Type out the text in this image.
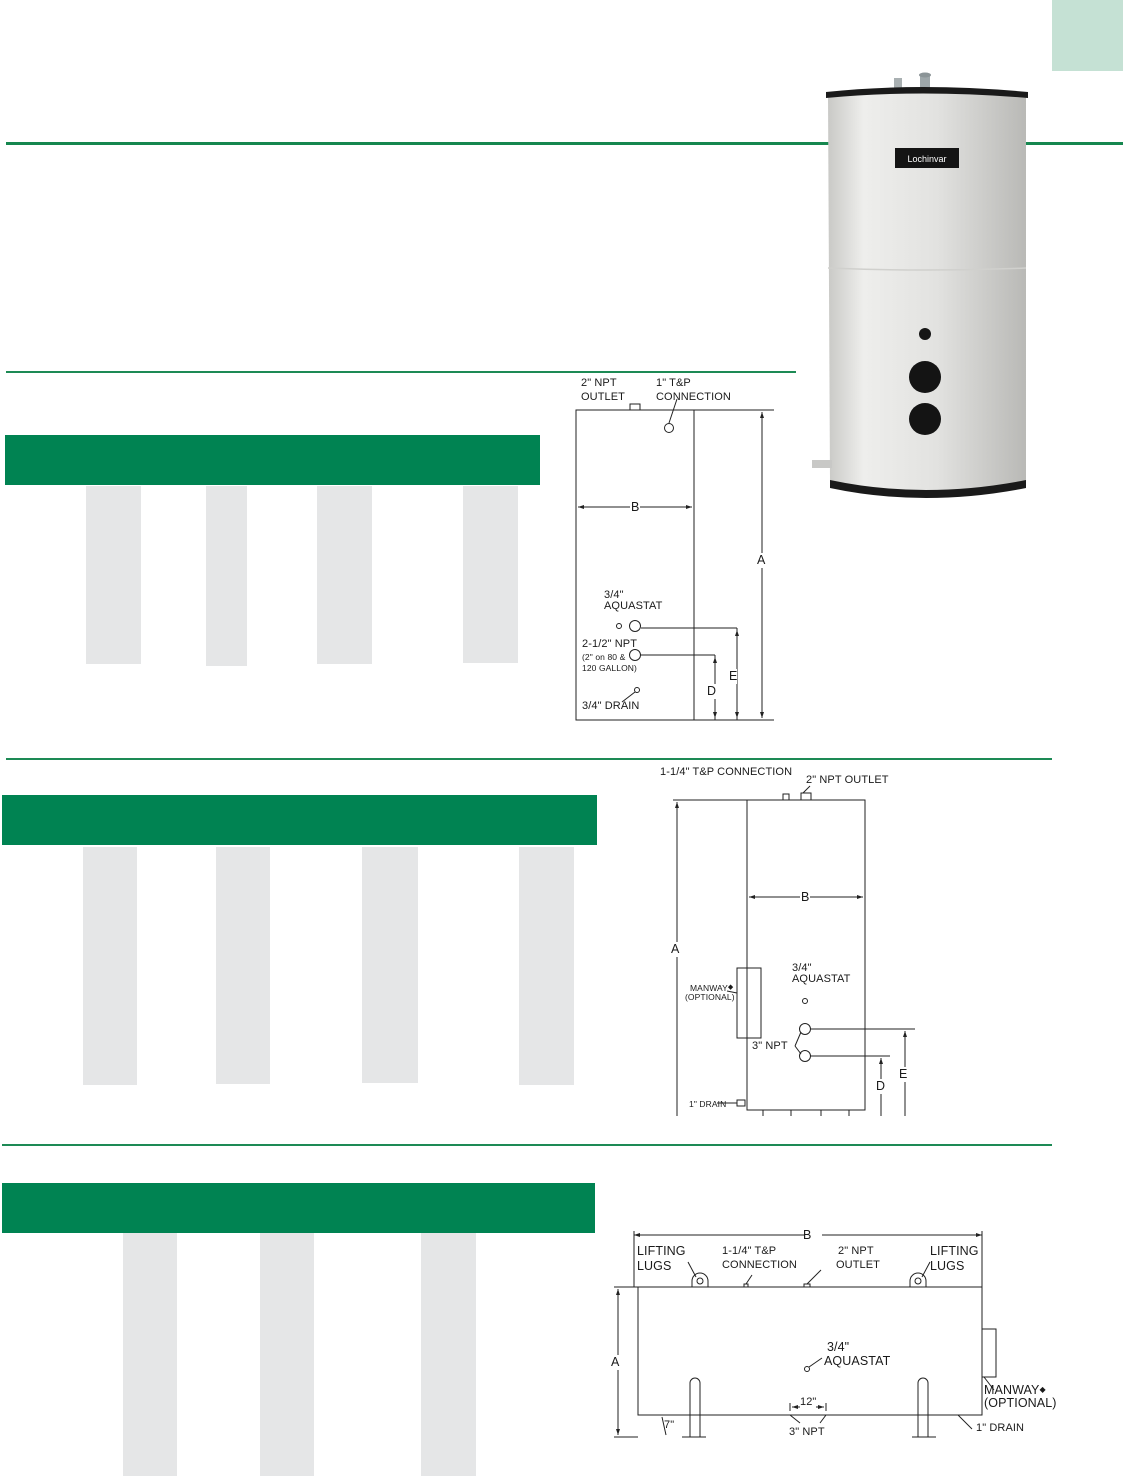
Lochinvar
2" NPT
OUTLET
1" T&P
CONNECTION
B
A
3/4"
AQUASTAT
2-1/2" NPT
(2" on 80 &
120 GALLON)
E
D
3/4" DRAIN
1-1/4" T&P CONNECTION
2" NPT OUTLET
B
A
3/4"
AQUASTAT
MANWAY◆
(OPTIONAL)
3" NPT
E
D
1" DRAIN
B
LIFTING
LUGS
1-1/4" T&P
CONNECTION
2" NPT
OUTLET
LIFTING
LUGS
A
3/4"
AQUASTAT
MANWAY◆
(OPTIONAL)
12"
7"
3" NPT	1" DRAIN
